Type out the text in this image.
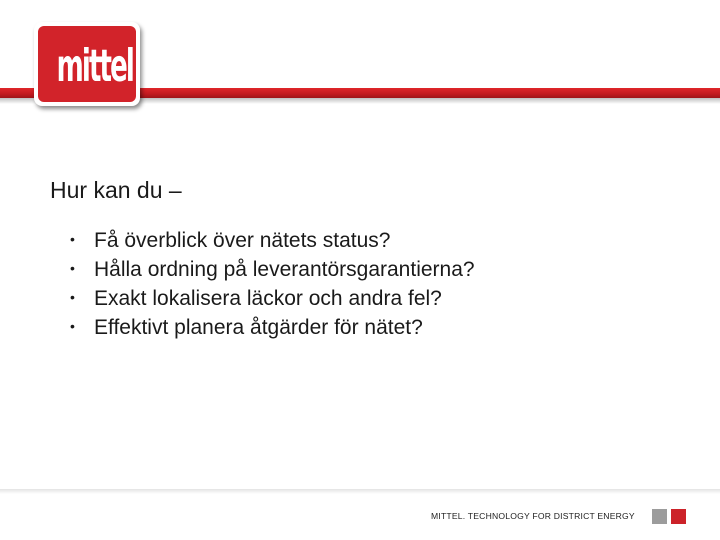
mittel
Hur kan du –
• Få överblick över nätets status?
• Hålla ordning på leverantörsgarantierna?
• Exakt lokalisera läckor och andra fel?
• Effektivt planera åtgärder för nätet?
MITTEL. TECHNOLOGY FOR DISTRICT ENERGY
